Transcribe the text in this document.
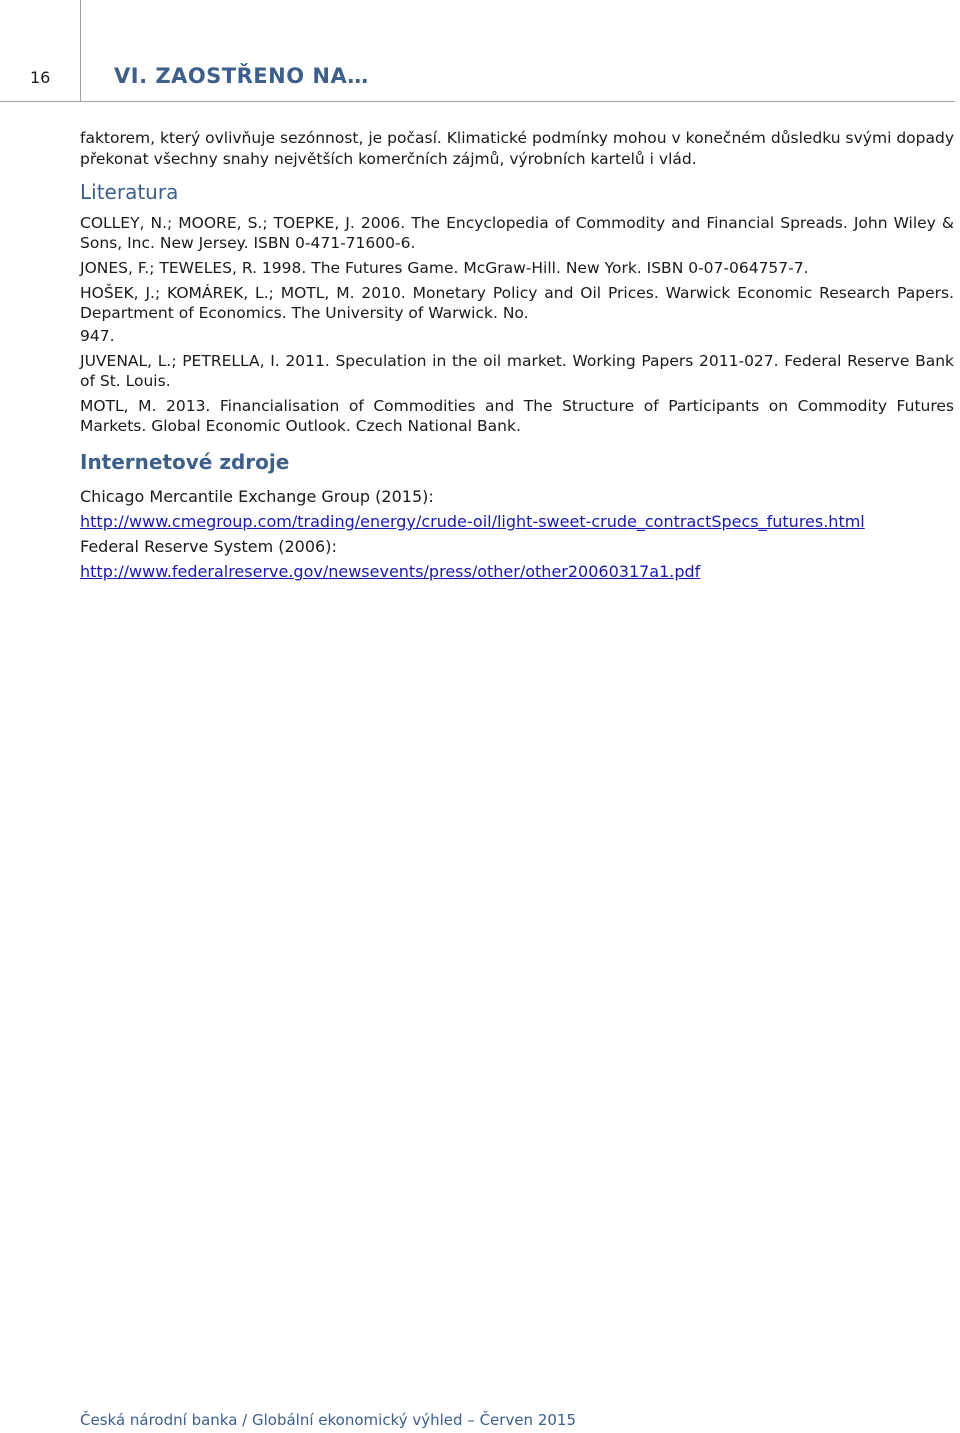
16	VI. ZAOSTŘENO NA…

faktorem, který ovlivňuje sezónnost, je počasí. Klimatické podmínky mohou v konečném důsledku svými dopady překonat všechny snahy největších komerčních zájmů, výrobních kartelů i vlád.

Literatura

COLLEY, N.; MOORE, S.; TOEPKE, J. 2006. The Encyclopedia of Commodity and Financial Spreads. John Wiley & Sons, Inc. New Jersey. ISBN 0-471-71600-6.

JONES, F.; TEWELES, R. 1998. The Futures Game. McGraw-Hill. New York. ISBN 0-07-064757-7.

HOŠEK, J.; KOMÁREK, L.; MOTL, M. 2010. Monetary Policy and Oil Prices. Warwick Economic Research Papers. Department of Economics. The University of Warwick. No.

947.

JUVENAL, L.; PETRELLA, I. 2011. Speculation in the oil market. Working Papers 2011-027. Federal Reserve Bank of St. Louis.

MOTL, M. 2013. Financialisation of Commodities and The Structure of Participants on Commodity Futures Markets. Global Economic Outlook. Czech National Bank.

Internetové zdroje
Chicago Mercantile Exchange Group (2015):
http://www.cmegroup.com/trading/energy/crude-oil/light-sweet-crude_contractSpecs_futures.html
Federal Reserve System (2006):
http://www.federalreserve.gov/newsevents/press/other/other20060317a1.pdf
Česká národní banka / Globální ekonomický výhled – Červen 2015
